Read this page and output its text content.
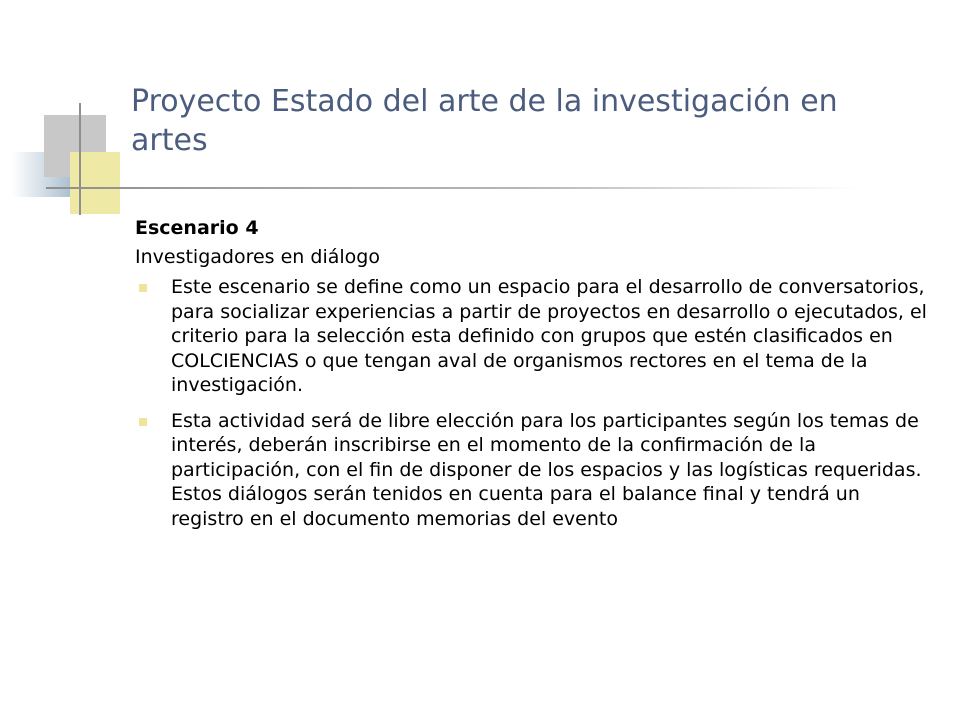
Proyecto Estado del arte de la investigación en artes

Escenario 4

Investigadores en diálogo

Este escenario se define como un espacio para el desarrollo de conversatorios, para socializar experiencias a partir de proyectos en desarrollo o ejecutados, el criterio para la selección esta definido con grupos que estén clasificados en COLCIENCIAS o que tengan aval de organismos rectores en el tema de la investigación.
Esta actividad será de libre elección para los participantes según los temas de interés, deberán inscribirse en el momento de la confirmación de la participación, con el fin de disponer de los espacios y las logísticas requeridas. Estos diálogos serán tenidos en cuenta para el balance final y tendrá un registro en el documento memorias del evento
